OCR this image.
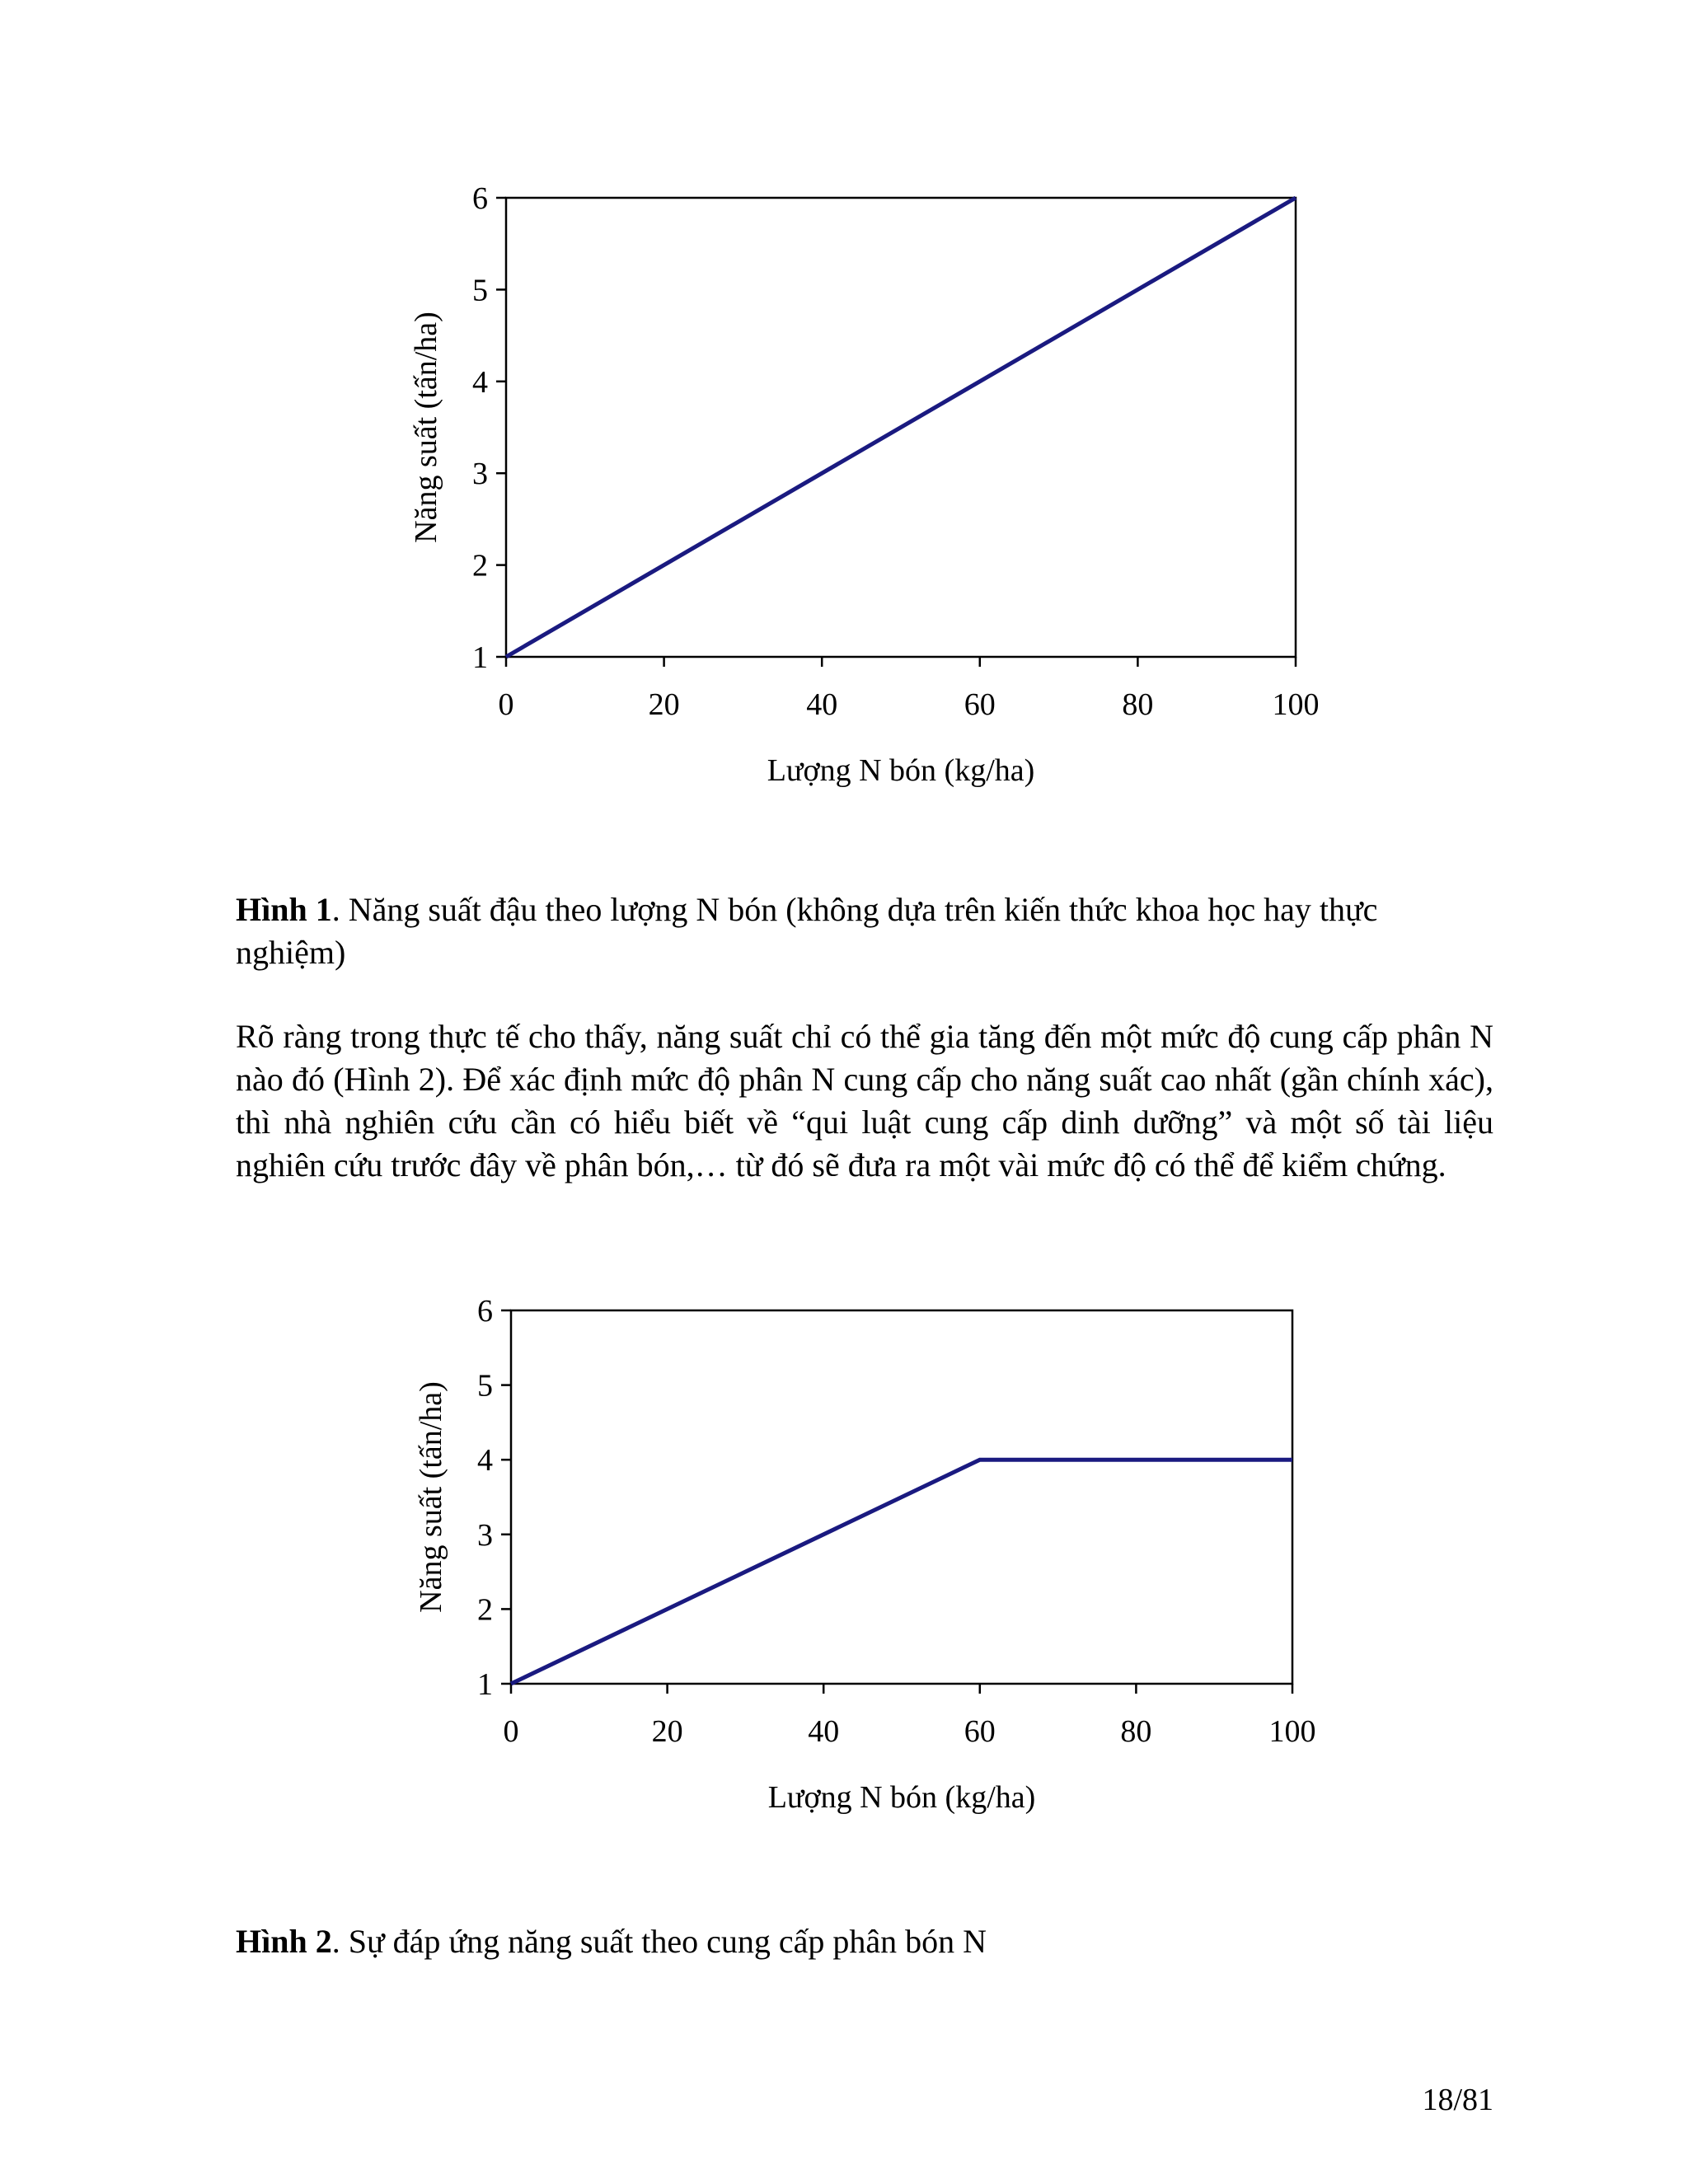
0	20	40	60	80	100
1
2
3
4
5
6
Lượng N bón (kg/ha)
Năng suất (tấn/ha)

Hình 1. Năng suất đậu theo lượng N bón (không dựa trên kiến thức khoa học hay thực nghiệm)

Rõ ràng trong thực tế cho thấy, năng suất chỉ có thể gia tăng đến một mức độ cung cấp phân N nào đó (Hình 2). Để xác định mức độ phân N cung cấp cho năng suất cao nhất (gần chính xác), thì nhà nghiên cứu cần có hiểu biết về “qui luật cung cấp dinh dưỡng” và một số tài liệu nghiên cứu trước đây về phân bón,… từ đó sẽ đưa ra một vài mức độ có thể để kiểm chứng.

0	20	40	60	80	100
1
2
3
4
5
6
Lượng N bón (kg/ha)
Năng suất (tấn/ha)

Hình 2. Sự đáp ứng năng suất theo cung cấp phân bón N

18/81
